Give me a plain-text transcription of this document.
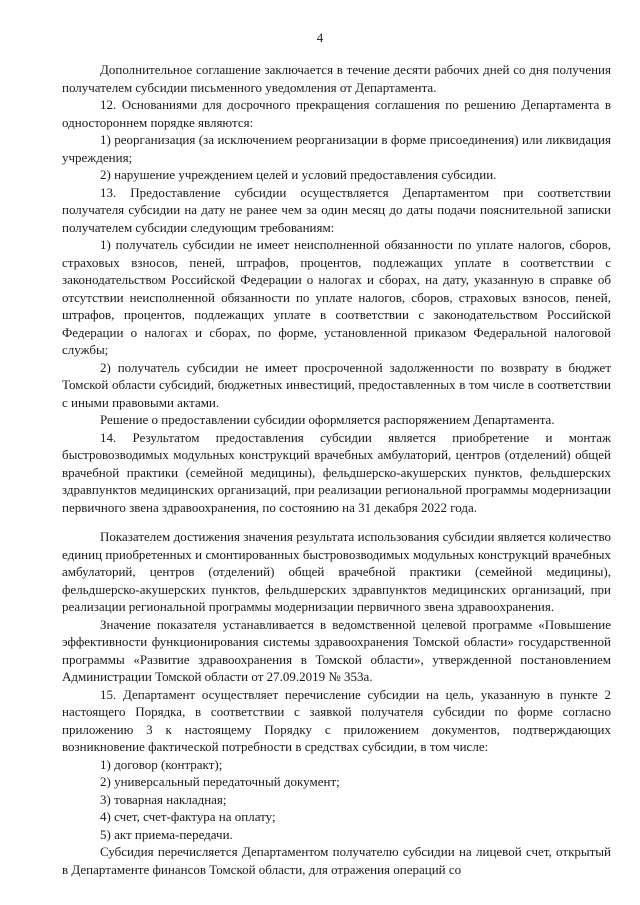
4

Дополнительное соглашение заключается в течение десяти рабочих дней со дня получения получателем субсидии письменного уведомления от Департамента.

12. Основаниями для досрочного прекращения соглашения по решению Департамента в одностороннем порядке являются:

1) реорганизация (за исключением реорганизации в форме присоединения) или ликвидация учреждения;

2) нарушение учреждением целей и условий предоставления субсидии.

13. Предоставление субсидии осуществляется Департаментом при соответствии получателя субсидии на дату не ранее чем за один месяц до даты подачи пояснительной записки получателем субсидии следующим требованиям:

1) получатель субсидии не имеет неисполненной обязанности по уплате налогов, сборов, страховых взносов, пеней, штрафов, процентов, подлежащих уплате в соответствии с законодательством Российской Федерации о налогах и сборах, на дату, указанную в справке об отсутствии неисполненной обязанности по уплате налогов, сборов, страховых взносов, пеней, штрафов, процентов, подлежащих уплате в соответствии с законодательством Российской Федерации о налогах и сборах, по форме, установленной приказом Федеральной налоговой службы;

2) получатель субсидии не имеет просроченной задолженности по возврату в бюджет Томской области субсидий, бюджетных инвестиций, предоставленных в том числе в соответствии с иными правовыми актами.

Решение о предоставлении субсидии оформляется распоряжением Департамента.

14. Результатом предоставления субсидии является приобретение и монтаж быстровозводимых модульных конструкций врачебных амбулаторий, центров (отделений) общей врачебной практики (семейной медицины), фельдшерско-акушерских пунктов, фельдшерских здравпунктов медицинских организаций, при реализации региональной программы модернизации первичного звена здравоохранения, по состоянию на 31 декабря 2022 года.

Показателем достижения значения результата использования субсидии является количество единиц приобретенных и смонтированных быстровозводимых модульных конструкций врачебных амбулаторий, центров (отделений) общей врачебной практики (семейной медицины), фельдшерско-акушерских пунктов, фельдшерских здравпунктов медицинских организаций, при реализации региональной программы модернизации первичного звена здравоохранения.

Значение показателя устанавливается в ведомственной целевой программе «Повышение эффективности функционирования системы здравоохранения Томской области» государственной программы «Развитие здравоохранения в Томской области», утвержденной постановлением Администрации Томской области от 27.09.2019 № 353а.

15. Департамент осуществляет перечисление субсидии на цель, указанную в пункте 2 настоящего Порядка, в соответствии с заявкой получателя субсидии по форме согласно приложению 3 к настоящему Порядку с приложением документов, подтверждающих возникновение фактической потребности в средствах субсидии, в том числе:

1) договор (контракт);

2) универсальный передаточный документ;

3) товарная накладная;

4) счет, счет-фактура на оплату;

5) акт приема-передачи.

Субсидия перечисляется Департаментом получателю субсидии на лицевой счет, открытый в Департаменте финансов Томской области, для отражения операций со
